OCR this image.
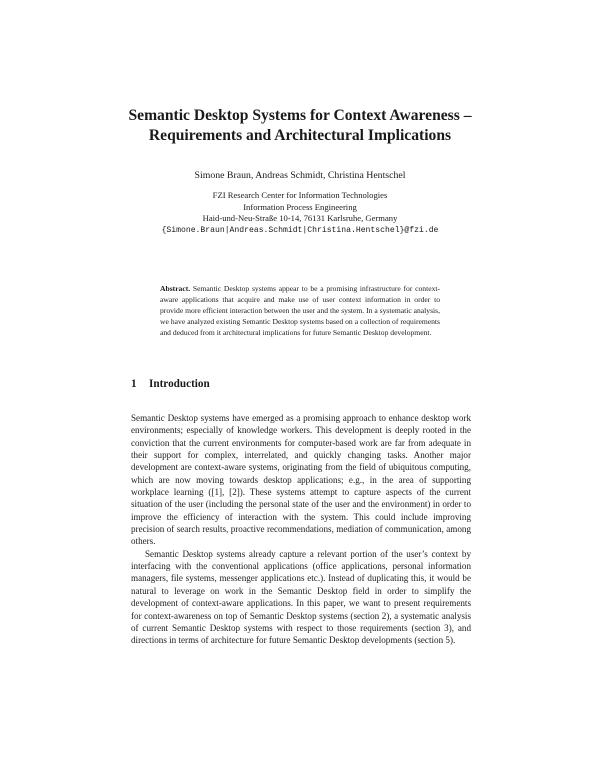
Semantic Desktop Systems for Context Awareness –
Requirements and Architectural Implications
Simone Braun, Andreas Schmidt, Christina Hentschel
FZI Research Center for Information Technologies
Information Process Engineering
Haid-und-Neu-Straße 10-14, 76131 Karlsruhe, Germany
{Simone.Braun|Andreas.Schmidt|Christina.Hentschel}@fzi.de
Abstract. Semantic Desktop systems appear to be a promising infrastructure for context-aware applications that acquire and make use of user context information in order to provide more efficient interaction between the user and the system. In a systematic analysis, we have analyzed existing Semantic Desktop systems based on a collection of requirements and deduced from it architectural implications for future Semantic Desktop development.
1 Introduction

Semantic Desktop systems have emerged as a promising approach to enhance desktop work environments; especially of knowledge workers. This development is deeply rooted in the conviction that the current environments for computer-based work are far from adequate in their support for complex, interrelated, and quickly changing tasks. Another major development are context-aware systems, originating from the field of ubiquitous computing, which are now moving towards desktop applications; e.g., in the area of supporting workplace learning ([1], [2]). These systems attempt to capture aspects of the current situation of the user (including the personal state of the user and the environment) in order to improve the efficiency of interaction with the system. This could include improving precision of search results, proactive recommendations, mediation of communication, among others.

Semantic Desktop systems already capture a relevant portion of the user’s context by interfacing with the conventional applications (office applications, personal information managers, file systems, messenger applications etc.). Instead of duplicating this, it would be natural to leverage on work in the Semantic Desktop field in order to simplify the development of context-aware applications. In this paper, we want to present requirements for context-awareness on top of Semantic Desktop systems (section 2), a systematic analysis of current Semantic Desktop systems with respect to those requirements (section 3), and directions in terms of architecture for future Semantic Desktop developments (section 5).
